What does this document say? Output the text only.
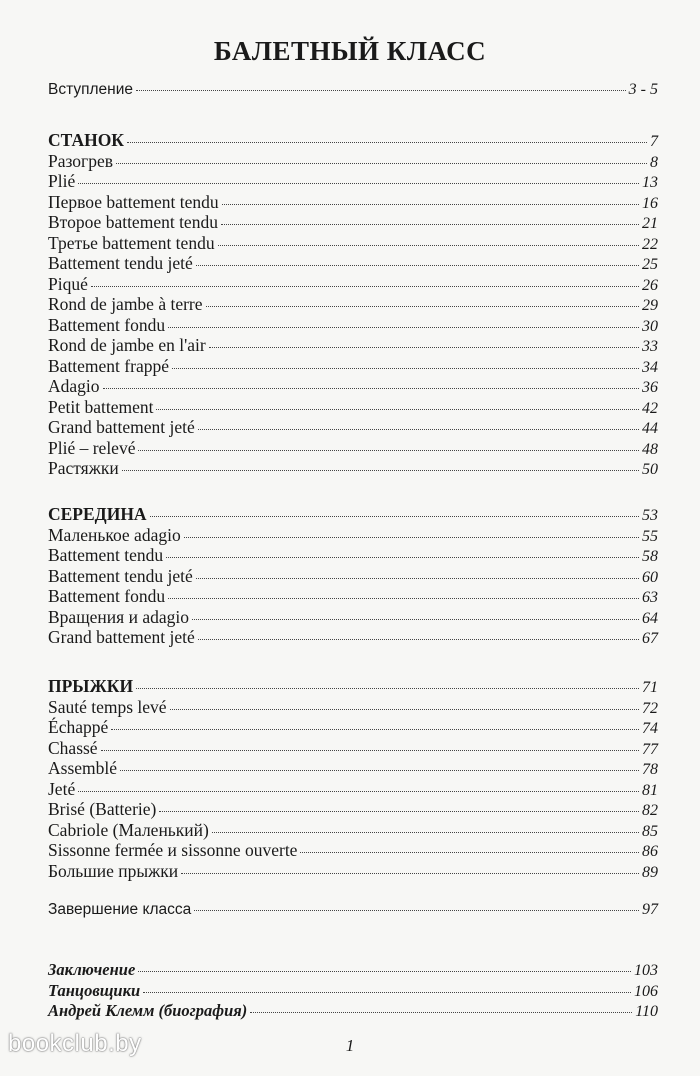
БАЛЕТНЫЙ КЛАСС
Вступление	3 - 5
СТАНОК	7
Разогрев	8
Plié	13
Первое battement tendu	16
Второе battement tendu	21
Третье battement tendu	22
Battement tendu jeté	25
Piqué	26
Rond de jambe à terre	29
Battement fondu	30
Rond de jambe en l'air	33
Battement frappé	34
Adagio	36
Petit battement	42
Grand battement jeté	44
Plié – relevé	48
Растяжки	50
СЕРЕДИНА	53
Маленькое adagio	55
Battement tendu	58
Battement tendu jeté	60
Battement fondu	63
Вращения и adagio	64
Grand battement jeté	67
ПРЫЖКИ	71
Sauté temps levé	72
Échappé	74
Chassé	77
Assemblé	78
Jeté	81
Brisé (Batterie)	82
Cabriole (Маленький)	85
Sissonne fermée и sissonne ouverte	86
Большие прыжки	89
Завершение класса	97
Заключение	103
Танцовщики	106
Андрей Клемм (биография)	110
bookclub.by	1
